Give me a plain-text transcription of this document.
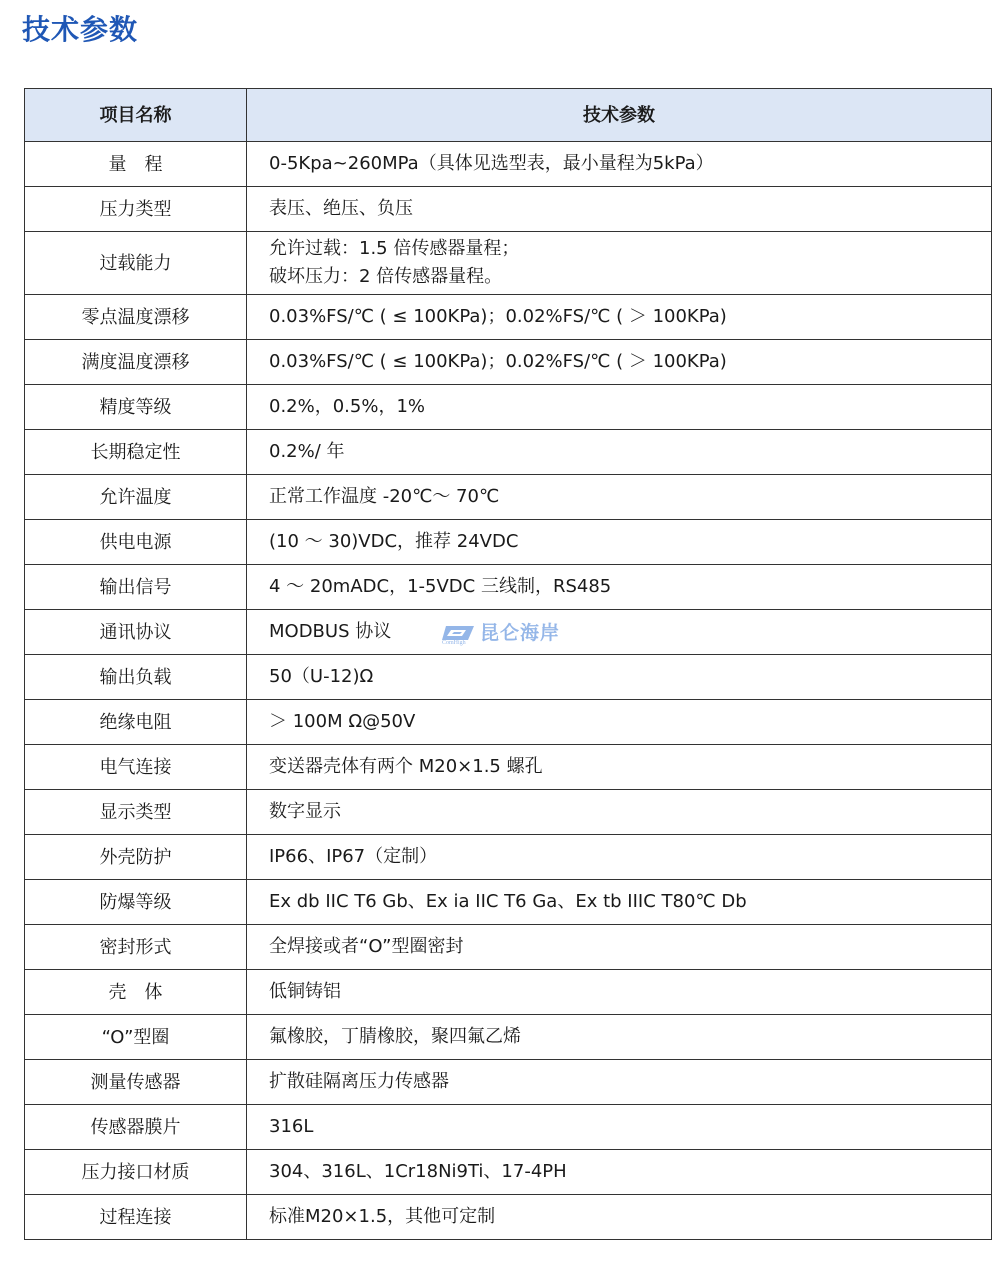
技术参数
项目名称	技术参数
量　程	0-5Kpa~260MPa（具体见选型表，最小量程为5kPa）

压力类型	表压、绝压、负压

过载能力	允许过载：1.5 倍传感器量程；
破坏压力：2 倍传感器量程。

零点温度漂移	0.03%FS/℃ ( ≤ 100KPa)；0.02%FS/℃ ( ＞ 100KPa)

满度温度漂移	0.03%FS/℃ ( ≤ 100KPa)；0.02%FS/℃ ( ＞ 100KPa)

精度等级	0.2%，0.5%，1%

长期稳定性	0.2%/ 年

允许温度	正常工作温度 -20℃～ 70℃

供电电源	(10 ～ 30)VDC，推荐 24VDC

输出信号	4 ～ 20mADC，1-5VDC 三线制，RS485

通讯协议	MODBUS 协议

输出负载	50（U-12)Ω

绝缘电阻	＞ 100M Ω@50V

电气连接	变送器壳体有两个 M20×1.5 螺孔

显示类型	数字显示

外壳防护	IP66、IP67（定制）

防爆等级	Ex db IIC T6 Gb、Ex ia IIC T6 Ga、Ex tb IIIC T80℃ Db

密封形式	全焊接或者“O”型圈密封

壳　体	低铜铸铝

“O”型圈	氟橡胶，丁腈橡胶，聚四氟乙烯

测量传感器	扩散硅隔离压力传感器

传感器膜片	316L

压力接口材质	304、316L、1Cr18Ni9Ti、17-4PH

过程连接	标准M20×1.5，其他可定制
ComHigh 昆仑海岸
